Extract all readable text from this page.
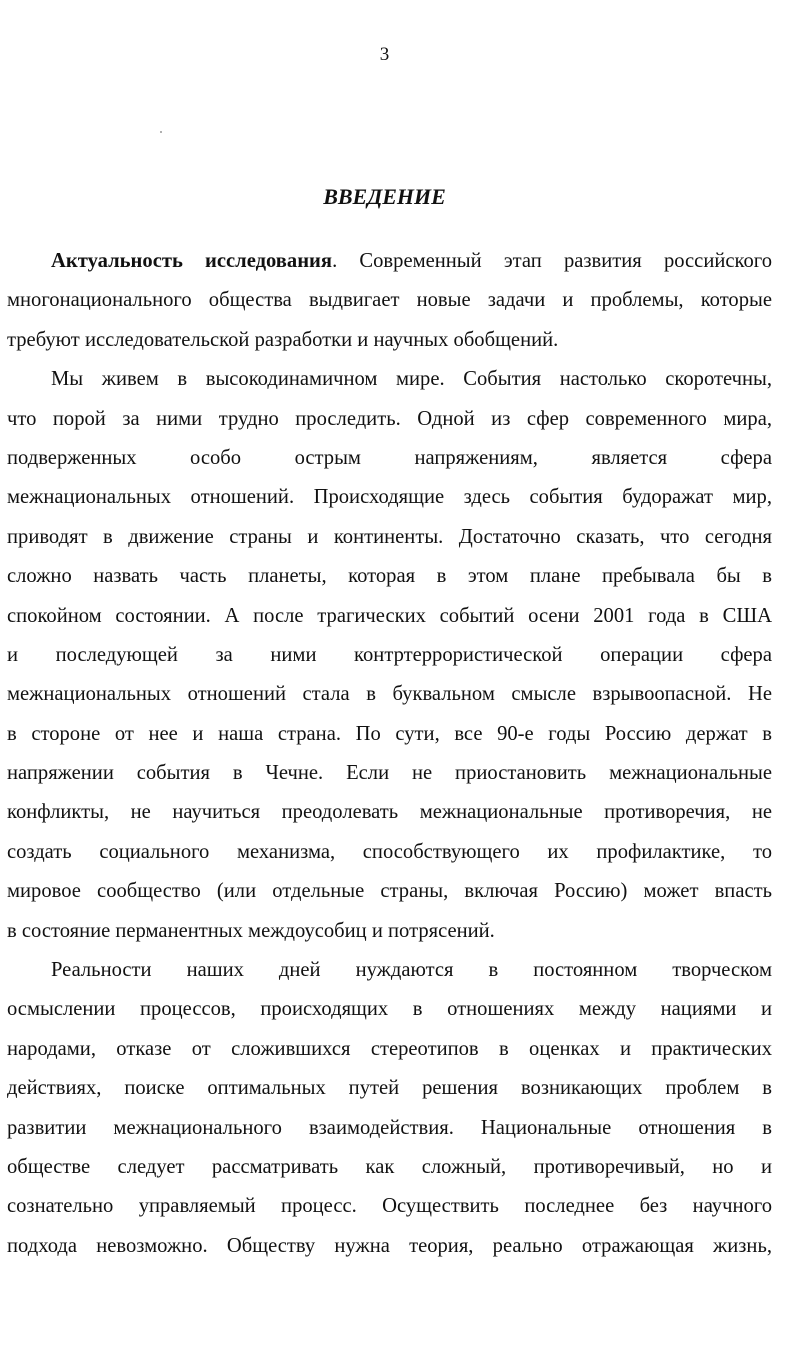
3
ВВЕДЕНИЕ
Актуальность исследования. Современный этап развития российского
многонационального общества выдвигает новые задачи и проблемы, которые
требуют исследовательской разработки и научных обобщений.
Мы живем в высокодинамичном мире. События настолько скоротечны,
что порой за ними трудно проследить. Одной из сфер современного мира,
подверженных особо острым напряжениям, является сфера
межнациональных отношений. Происходящие здесь события будоражат мир,
приводят в движение страны и континенты. Достаточно сказать, что сегодня
сложно назвать часть планеты, которая в этом плане пребывала бы в
спокойном состоянии. А после трагических событий осени 2001 года в США
и последующей за ними контртеррористической операции сфера
межнациональных отношений стала в буквальном смысле взрывоопасной. Не
в стороне от нее и наша страна. По сути, все 90-е годы Россию держат в
напряжении события в Чечне. Если не приостановить межнациональные
конфликты, не научиться преодолевать межнациональные противоречия, не
создать социального механизма, способствующего их профилактике, то
мировое сообщество (или отдельные страны, включая Россию) может впасть
в состояние перманентных междоусобиц и потрясений.
Реальности наших дней нуждаются в постоянном творческом
осмыслении процессов, происходящих в отношениях между нациями и
народами, отказе от сложившихся стереотипов в оценках и практических
действиях, поиске оптимальных путей решения возникающих проблем в
развитии межнационального взаимодействия. Национальные отношения в
обществе следует рассматривать как сложный, противоречивый, но и
сознательно управляемый процесс. Осуществить последнее без научного
подхода невозможно. Обществу нужна теория, реально отражающая жизнь,
